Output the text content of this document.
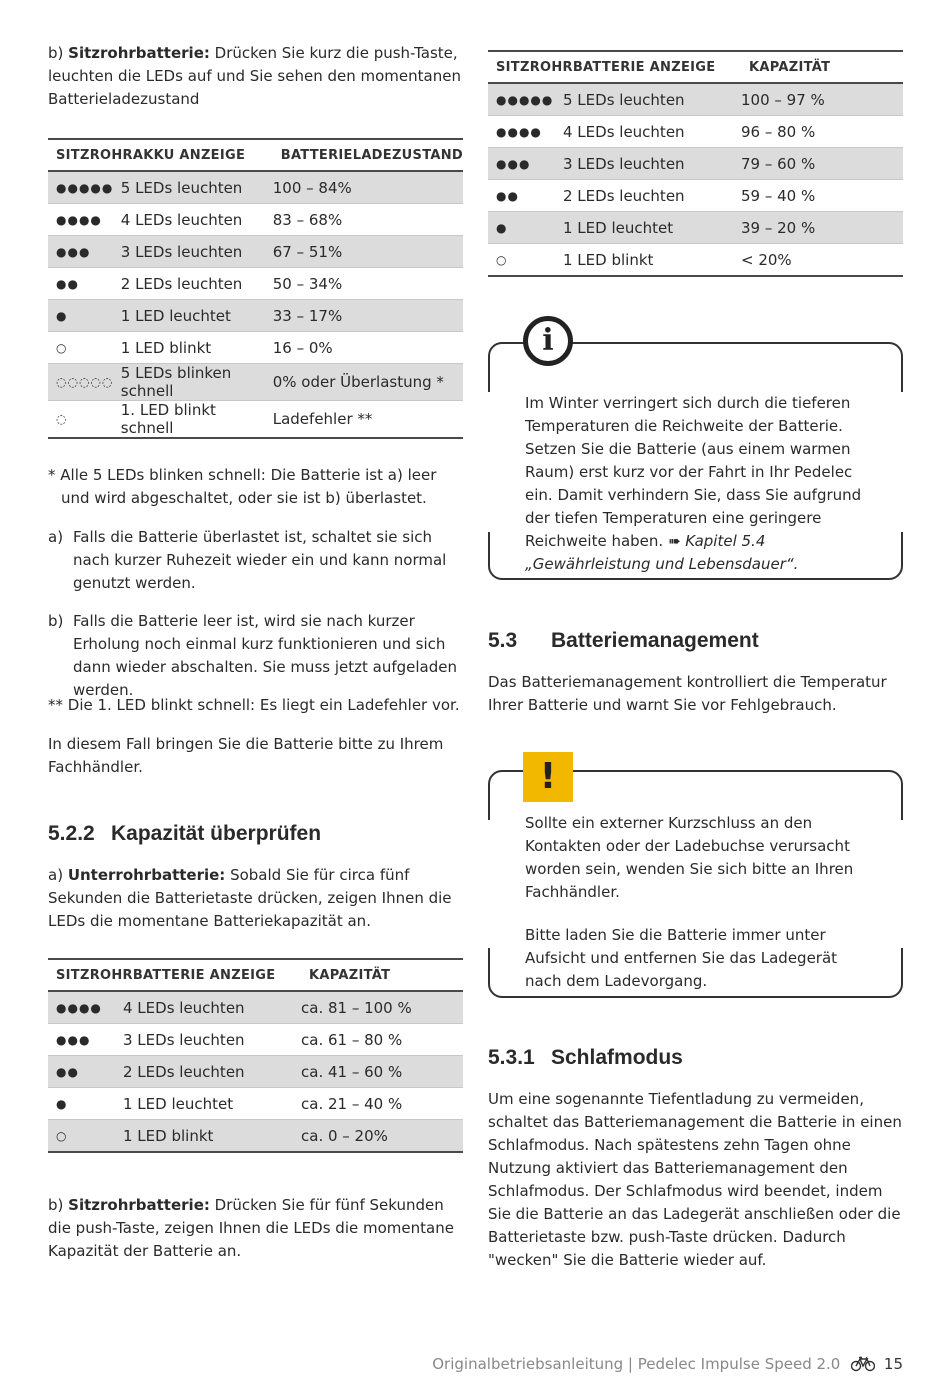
b) Sitzrohrbatterie: Drücken Sie kurz die push-Taste, leuchten die LEDs auf und Sie sehen den momentanen Batterieladezustand

SITZROHRAKKU ANZEIGE		BATTERIELADEZUSTAND
●●●●●	5 LEDs leuchten	100 – 84%
●●●●	4 LEDs leuchten	83 – 68%
●●●	3 LEDs leuchten	67 – 51%
●●	2 LEDs leuchten	50 – 34%
●	1 LED leuchtet	33 – 17%
○	1 LED blinkt	16 – 0%
◌◌◌◌◌	5 LEDs blinken schnell	0% oder Überlastung *
◌	1. LED blinkt schnell	Ladefehler **

* Alle 5 LEDs blinken schnell: Die Batterie ist a) leer und wird abgeschaltet, oder sie ist b) überlastet.

a) Falls die Batterie überlastet ist, schaltet sie sich nach kurzer Ruhezeit wieder ein und kann normal genutzt werden.

b) Falls die Batterie leer ist, wird sie nach kurzer Erholung noch einmal kurz funktionieren und sich dann wieder abschalten. Sie muss jetzt aufgeladen werden.

** Die 1. LED blinkt schnell: Es liegt ein Ladefehler vor.

In diesem Fall bringen Sie die Batterie bitte zu Ihrem Fachhändler.

5.2.2 Kapazität überprüfen

a) Unterrohrbatterie: Sobald Sie für circa fünf Sekunden die Batterietaste drücken, zeigen Ihnen die LEDs die momentane Batteriekapazität an.

SITZROHRBATTERIE ANZEIGE		KAPAZITÄT
●●●●	4 LEDs leuchten	ca. 81 – 100 %
●●●	3 LEDs leuchten	ca. 61 – 80 %
●●	2 LEDs leuchten	ca. 41 – 60 %
●	1 LED leuchtet	ca. 21 – 40 %
○	1 LED blinkt	ca. 0 – 20%

b) Sitzrohrbatterie: Drücken Sie für fünf Sekunden die push-Taste, zeigen Ihnen die LEDs die momentane Kapazität der Batterie an.

SITZROHRBATTERIE ANZEIGE		KAPAZITÄT
●●●●●	5 LEDs leuchten	100 – 97 %
●●●●	4 LEDs leuchten	96 – 80 %
●●●	3 LEDs leuchten	79 – 60 %
●●	2 LEDs leuchten	59 – 40 %
●	1 LED leuchtet	39 – 20 %
○	1 LED blinkt	< 20%
i

Im Winter verringert sich durch die tieferen Temperaturen die Reichweite der Batterie. Setzen Sie die Batterie (aus einem warmen Raum) erst kurz vor der Fahrt in Ihr Pedelec ein. Damit verhindern Sie, dass Sie aufgrund der tiefen Temperaturen eine geringere Reichweite haben. ➠ Kapitel 5.4 „Gewährleistung und Lebensdauer“.

5.3 Batteriemanagement

Das Batteriemanagement kontrolliert die Temperatur Ihrer Batterie und warnt Sie vor Fehlgebrauch.

!

Sollte ein externer Kurzschluss an den Kontakten oder der Ladebuchse verursacht worden sein, wenden Sie sich bitte an Ihren Fachhändler.

Bitte laden Sie die Batterie immer unter Aufsicht und entfernen Sie das Ladegerät nach dem Ladevorgang.

5.3.1 Schlafmodus

Um eine sogenannte Tiefentladung zu vermeiden, schaltet das Batteriemanagement die Batterie in einen Schlafmodus. Nach spätestens zehn Tagen ohne Nutzung aktiviert das Batteriemanagement den Schlafmodus. Der Schlafmodus wird beendet, indem Sie die Batterie an das Ladegerät anschließen oder die Batterietaste bzw. push-Taste drücken. Dadurch "wecken" Sie die Batterie wieder auf.

Originalbetriebsanleitung | Pedelec Impulse Speed 2.0	15
